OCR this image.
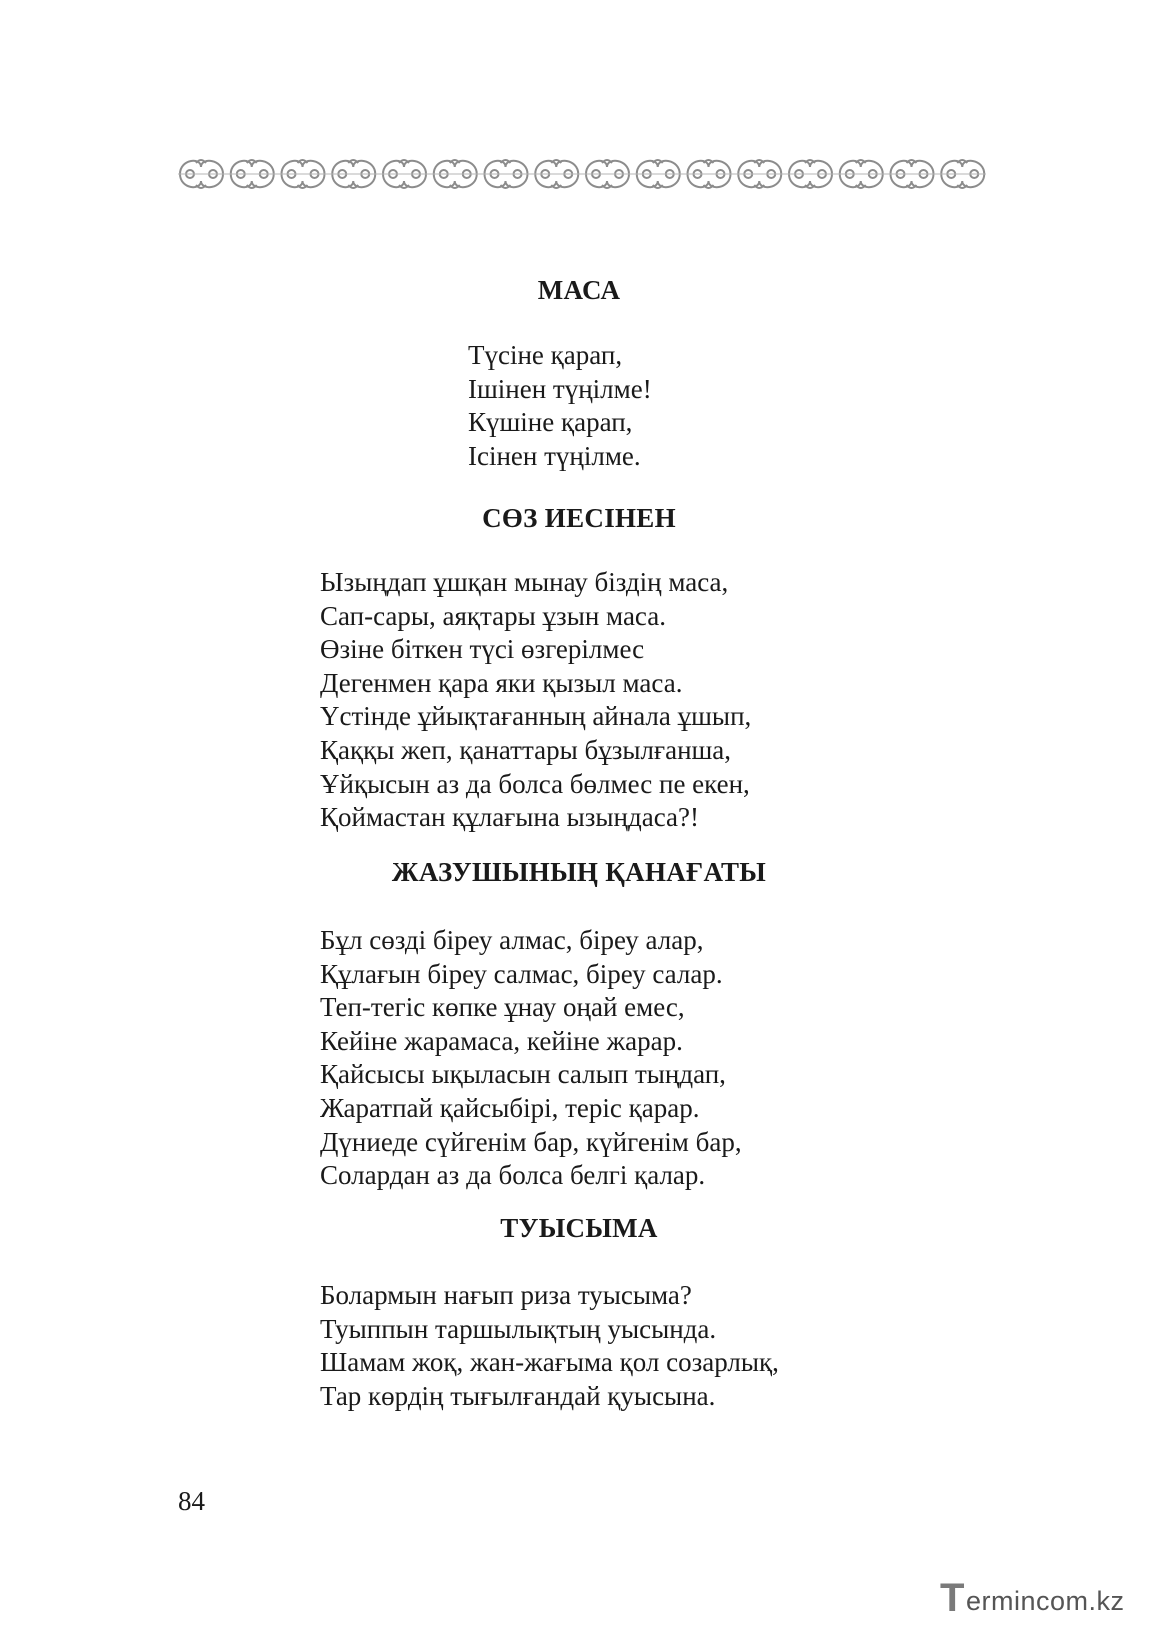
МАСА
Түсіне қарап,
Ішінен түңілме!
Күшіне қарап,
Ісінен түңілме.
СӨЗ ИЕСІНЕН
Ызыңдап ұшқан мынау біздің маса,
Сап-сары, аяқтары ұзын маса.
Өзіне біткен түсі өзгерілмес
Дегенмен қара яки қызыл маса.
Үстінде ұйықтағанның айнала ұшып,
Қаққы жеп, қанаттары бұзылғанша,
Ұйқысын аз да болса бөлмес пе екен,
Қоймастан құлағына ызыңдаса?!
ЖАЗУШЫНЫҢ ҚАНАҒАТЫ
Бұл сөзді біреу алмас, біреу алар,
Құлағын біреу салмас, біреу салар.
Теп-тегіс көпке ұнау оңай емес,
Кейіне жарамаса, кейіне жарар.
Қайсысы ықыласын салып тыңдап,
Жаратпай қайсыбірі, теріс қарар.
Дүниеде сүйгенім бар, күйгенім бар,
Солардан аз да болса белгі қалар.
ТУЫСЫМА
Болармын нағып риза туысыма?
Туыппын таршылықтың уысында.
Шамам жоқ, жан-жағыма қол созарлық,
Тар көрдің тығылғандай қуысына.
84
T ermincom.kz
